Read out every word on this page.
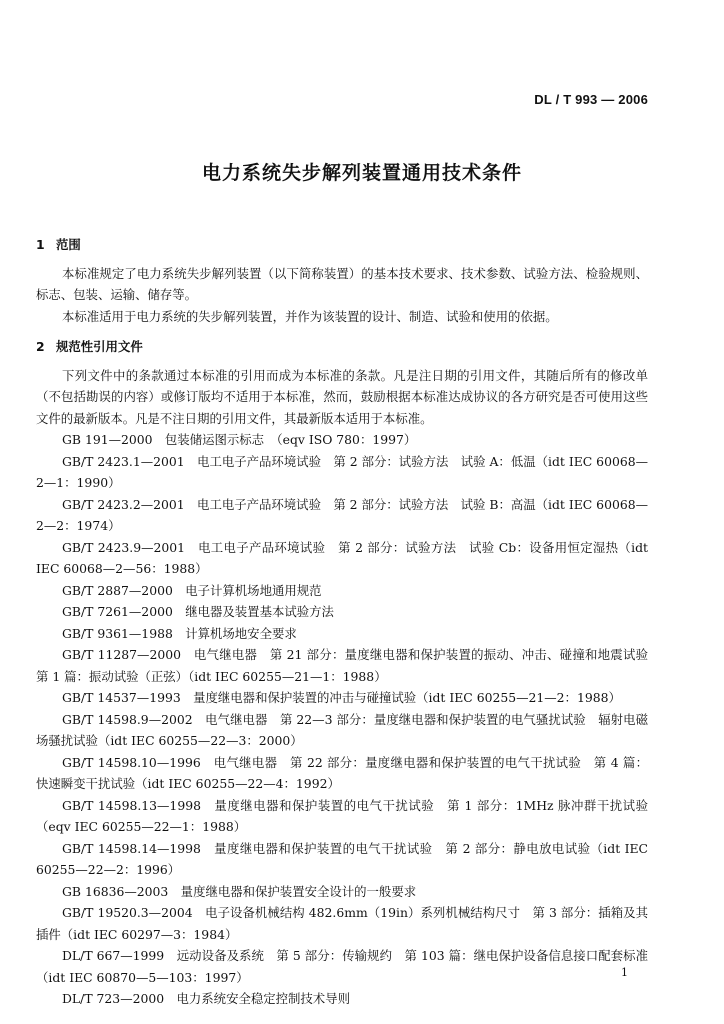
DL / T 993 — 2006
电力系统失步解列装置通用技术条件
1 范围

本标准规定了电力系统失步解列装置（以下简称装置）的基本技术要求、技术参数、试验方法、检验规则、标志、包装、运输、储存等。

本标准适用于电力系统的失步解列装置，并作为该装置的设计、制造、试验和使用的依据。

2 规范性引用文件

下列文件中的条款通过本标准的引用而成为本标准的条款。凡是注日期的引用文件，其随后所有的修改单（不包括勘误的内容）或修订版均不适用于本标准，然而，鼓励根据本标准达成协议的各方研究是否可使用这些文件的最新版本。凡是不注日期的引用文件，其最新版本适用于本标准。

GB 191—2000　包装储运图示标志　（eqv ISO 780：1997）
GB/T 2423.1—2001　电工电子产品环境试验　第 2 部分：试验方法　试验 A：低温（idt IEC 60068—2—1：1990）
GB/T 2423.2—2001　电工电子产品环境试验　第 2 部分：试验方法　试验 B：高温（idt IEC 60068—2—2：1974）
GB/T 2423.9—2001　电工电子产品环境试验　第 2 部分：试验方法　试验 Cb：设备用恒定湿热（idt IEC 60068—2—56：1988）
GB/T 2887—2000　电子计算机场地通用规范
GB/T 7261—2000　继电器及装置基本试验方法
GB/T 9361—1988　计算机场地安全要求
GB/T 11287—2000　电气继电器　第 21 部分：量度继电器和保护装置的振动、冲击、碰撞和地震试验　第 1 篇：振动试验（正弦）（idt IEC 60255—21—1：1988）
GB/T 14537—1993　量度继电器和保护装置的冲击与碰撞试验（idt IEC 60255—21—2：1988）
GB/T 14598.9—2002　电气继电器　第 22—3 部分：量度继电器和保护装置的电气骚扰试验　辐射电磁场骚扰试验（idt IEC 60255—22—3：2000）
GB/T 14598.10—1996　电气继电器　第 22 部分：量度继电器和保护装置的电气干扰试验　第 4 篇：快速瞬变干扰试验（idt IEC 60255—22—4：1992）
GB/T 14598.13—1998　量度继电器和保护装置的电气干扰试验　第 1 部分：1MHz 脉冲群干扰试验（eqv IEC 60255—22—1：1988）
GB/T 14598.14—1998　量度继电器和保护装置的电气干扰试验　第 2 部分：静电放电试验（idt IEC 60255—22—2：1996）
GB 16836—2003　量度继电器和保护装置安全设计的一般要求
GB/T 19520.3—2004　电子设备机械结构 482.6mm（19in）系列机械结构尺寸　第 3 部分：插箱及其插件（idt IEC 60297—3：1984）
DL/T 667—1999　远动设备及系统　第 5 部分：传输规约　第 103 篇：继电保护设备信息接口配套标准（idt IEC 60870—5—103：1997）
DL/T 723—2000　电力系统安全稳定控制技术导则
1
